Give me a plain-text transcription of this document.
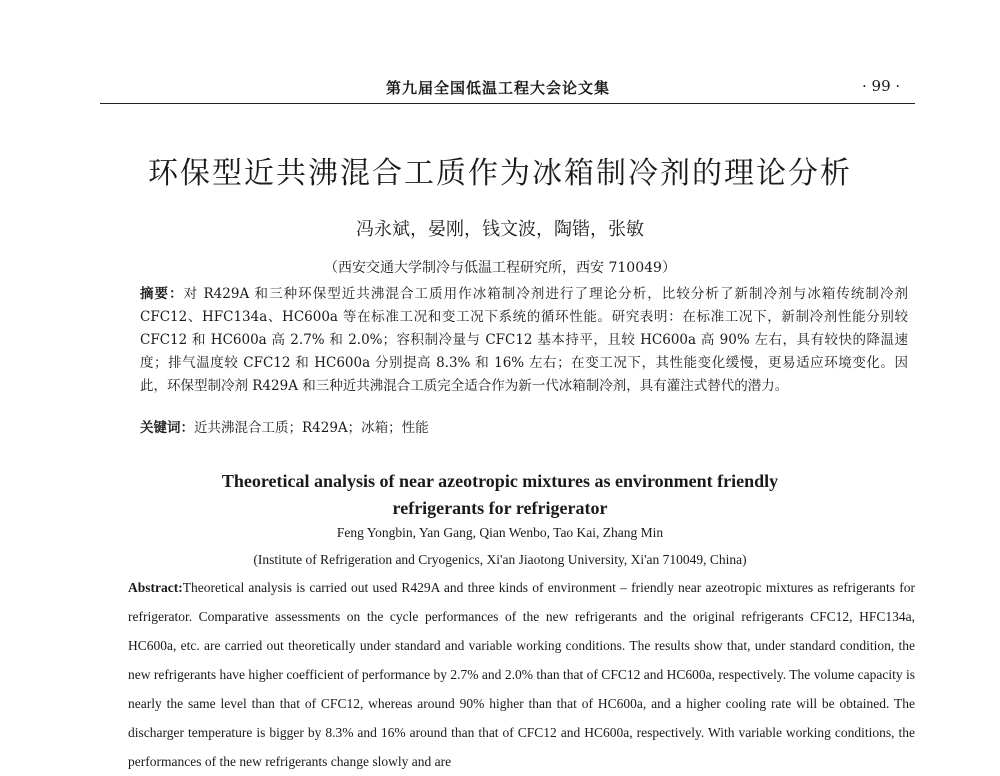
第九届全国低温工程大会论文集	· 99 ·
环保型近共沸混合工质作为冰箱制冷剂的理论分析
冯永斌，晏刚，钱文波，陶锴，张敏
（西安交通大学制冷与低温工程研究所，西安 710049）
摘要：对 R429A 和三种环保型近共沸混合工质用作冰箱制冷剂进行了理论分析，比较分析了新制冷剂与冰箱传统制冷剂 CFC12、HFC134a、HC600a 等在标准工况和变工况下系统的循环性能。研究表明：在标准工况下，新制冷剂性能分别较 CFC12 和 HC600a 高 2.7% 和 2.0%；容积制冷量与 CFC12 基本持平，且较 HC600a 高 90% 左右，具有较快的降温速度；排气温度较 CFC12 和 HC600a 分别提高 8.3% 和 16% 左右；在变工况下，其性能变化缓慢，更易适应环境变化。因此，环保型制冷剂 R429A 和三种近共沸混合工质完全适合作为新一代冰箱制冷剂，具有灌注式替代的潜力。
关键词：近共沸混合工质；R429A；冰箱；性能
Theoretical analysis of near azeotropic mixtures as environment friendly
refrigerants for refrigerator
Feng Yongbin, Yan Gang, Qian Wenbo, Tao Kai, Zhang Min
(Institute of Refrigeration and Cryogenics, Xi'an Jiaotong University, Xi'an 710049, China)
Abstract:Theoretical analysis is carried out used R429A and three kinds of environment – friendly near azeotropic mixtures as refrigerants for refrigerator. Comparative assessments on the cycle performances of the new refrigerants and the original refrigerants CFC12, HFC134a, HC600a, etc. are carried out theoretically under standard and variable working conditions. The results show that, under standard condition, the new refrigerants have higher coefficient of performance by 2.7% and 2.0% than that of CFC12 and HC600a, respectively. The volume capacity is nearly the same level than that of CFC12, whereas around 90% higher than that of HC600a, and a higher cooling rate will be obtained. The discharger temperature is bigger by 8.3% and 16% around than that of CFC12 and HC600a, respectively. With variable working conditions, the performances of the new refrigerants change slowly and are
